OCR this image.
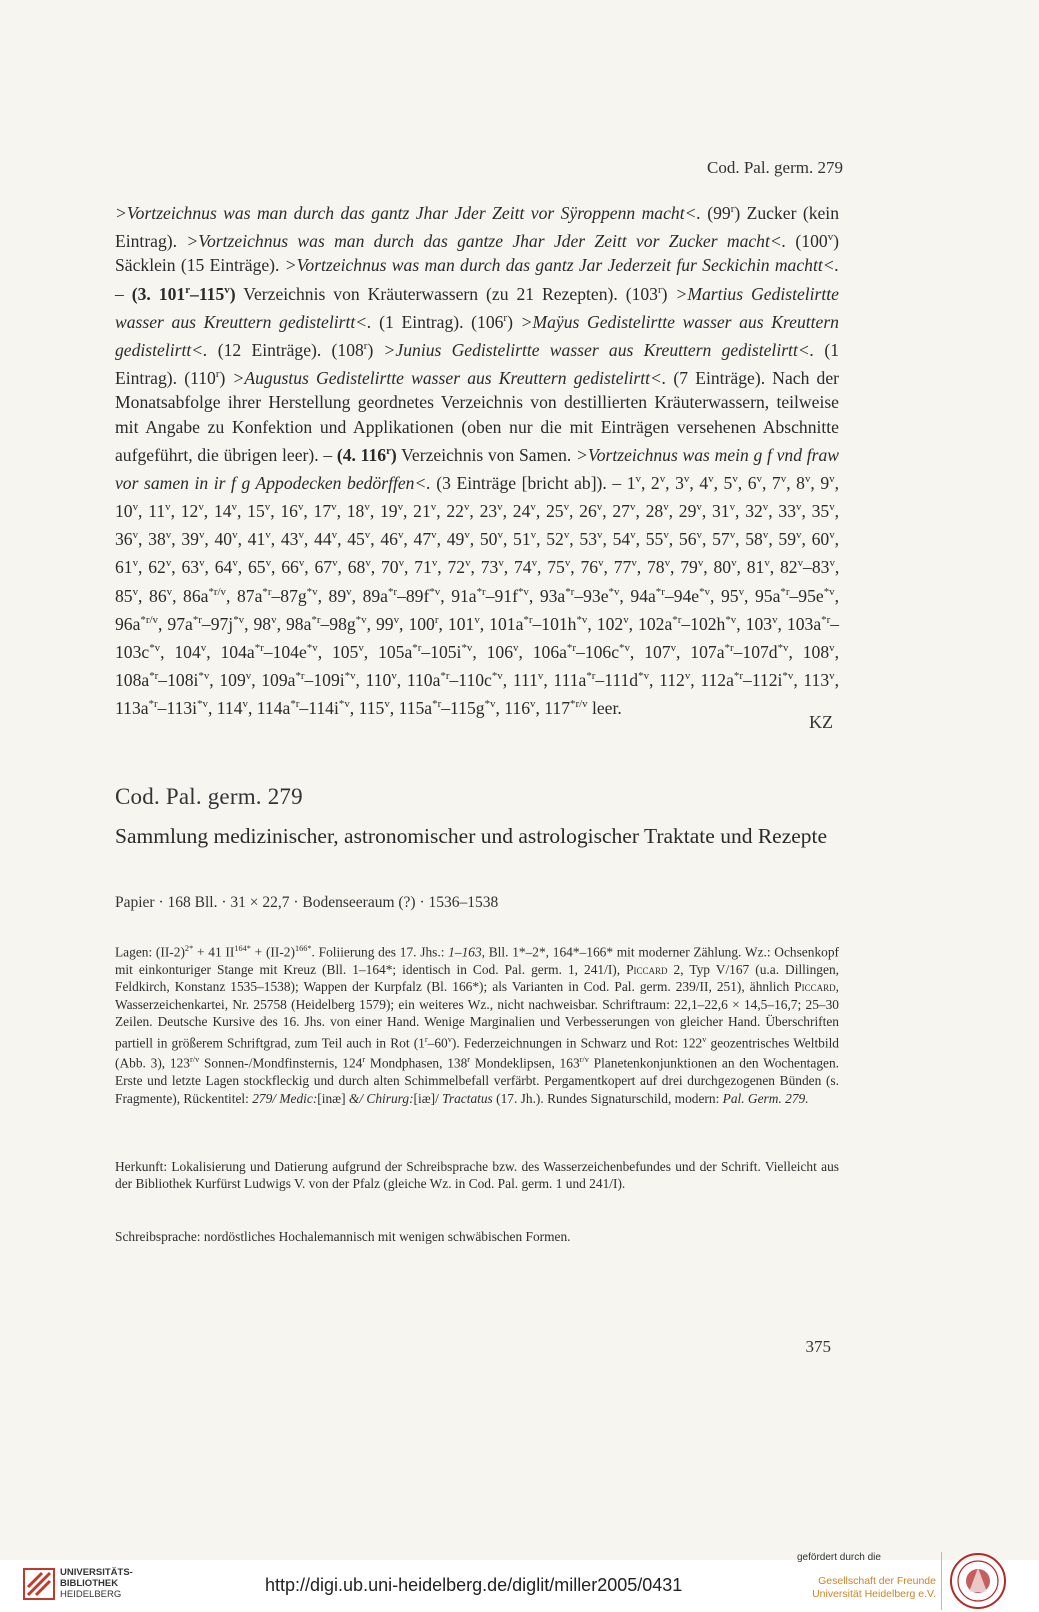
Cod. Pal. germ. 279
>Vortzeichnus was man durch das gantz Jhar Jder Zeitt vor Sÿroppenn macht<. (99$^r$) Zucker (kein Eintrag). >Vortzeichnus was man durch das gantze Jhar Jder Zeitt vor Zucker macht<. (100$^v$) Säcklein (15 Einträge). >Vortzeichnus was man durch das gantz Jar Jederzeit fur Seckichin machtt<. – (3. 101$^r$–115$^v$) Verzeichnis von Kräuterwassern (zu 21 Rezepten). $(103^r)$ >Martius Gedistelirtte wasser aus Kreuttern gedistelirtt<. (1 Eintrag). $(106^r)$ >Maÿus Gedistelirtte wasser aus Kreuttern gedistelirtt<. (12 Einträge). $(108^r)$ >Junius Gedistelirtte wasser aus Kreuttern gedistelirtt<. (1 Eintrag). $(110^r)$ >Augustus Gedistelirtte wasser aus Kreuttern gedistelirtt<. (7 Einträge). Nach der Monatsabfolge ihrer Herstellung geordnetes Verzeichnis von destillierten Kräuterwassern, teilweise mit Angabe zu Konfektion und Applikationen (oben nur die mit Einträgen versehenen Abschnitte aufgeführt, die übrigen leer). – (4. 116$^r$) Verzeichnis von Samen. >Vortzeichnus was mein g f vnd fraw vor samen in ir f g Appodecken bedörffen<. (3 Einträge [bricht ab]). – 1$^v$, 2$^v$, 3$^v$, 4$^v$, 5$^v$, 6$^v$, 7$^v$, 8$^v$, 9$^v$, 10$^v$, 11$^v$, 12$^v$, 14$^v$, 15$^v$, 16$^v$, 17$^v$, 18$^v$, 19$^v$, 21$^v$, 22$^v$, 23$^v$, 24$^v$, 25$^v$, 26$^v$, 27$^v$, 28$^v$, 29$^v$, 31$^v$, 32$^v$, 33$^v$, 35$^v$, 36$^v$, 38$^v$, 39$^v$, 40$^v$, 41$^v$, 43$^v$, 44$^v$, 45$^v$, 46$^v$, 47$^v$, 49$^v$, 50$^v$, 51$^v$, 52$^v$, 53$^v$, 54$^v$, 55$^v$, 56$^v$, 57$^v$, 58$^v$, 59$^v$, 60$^v$, 61$^v$, 62$^v$, 63$^v$, 64$^v$, 65$^v$, 66$^v$, 67$^v$, 68$^v$, 70$^v$, 71$^v$, 72$^v$, 73$^v$, 74$^v$, 75$^v$, 76$^v$, 77$^v$, 78$^v$, 79$^v$, 80$^v$, 81$^v$, 82$^v$–83$^v$, 85$^v$, 86$^v$, $86a^{*r/v}$, $87a^{*r}-87g^{*v}$, 89$^v$, $89a^{*r}-89f^{*v}$, $91a^{*r}-91f^{*v}$, $93a^{*r}-93e^{*v}$, $94a^{*r}-94e^{*v}$, 95$^v$, $95a^{*r}-95e^{*v}$, $96a^{*r/v}$, $97a^{*r}-97j^{*v}$, 98$^v$, $98a^{*r}-98g^{*v}$, 99$^v$, 100$^r$, 101$^v$, $101a^{*r}-101h^{*v}$, 102$^v$, $102a^{*r}-102h^{*v}$, 103$^v$, $103a^{*r}-103c^{*v}$, 104$^v$, $104a^{*r}-104e^{*v}$, 105$^v$, $105a^{*r}-105i^{*v}$, 106$^v$, $106a^{*r}-106c^{*v}$, 107$^v$, $107a^{*r}-107d^{*v}$, 108$^v$, $108a^{*r}-108i^{*v}$, 109$^v$, $109a^{*r}-109i^{*v}$, 110$^v$, $110a^{*r}-110c^{*v}$, 111$^v$, $111a^{*r}-111d^{*v}$, 112$^v$, $112a^{*r}-112i^{*v}$, 113$^v$, $113a^{*r}-113i^{*v}$, 114$^v$, $114a^{*r}-114i^{*v}$, 115$^v$, $115a^{*r}-115g^{*v}$, 116$^v$, $117^{*r/v}$ leer.
KZ
Cod. Pal. germ. 279
Sammlung medizinischer, astronomischer und astrologischer Traktate und Rezepte
Papier · 168 Bll. · 31 × 22,7 · Bodenseeraum (?) · 1536–1538
Lagen: $(II-2)^{2*} + 41$ $II^{164*} + (II-2)^{166*}$. Foliierung des 17. Jhs.: 1–163, Bll. 1*–2*, 164*–166* mit moderner Zählung. Wz.: Ochsenkopf mit einkonturiger Stange mit Kreuz (Bll. 1–164*; identisch in Cod. Pal. germ. 1, 241/I), Piccard 2, Typ V/167 (u.a. Dillingen, Feldkirch, Konstanz 1535–1538); Wappen der Kurpfalz (Bl. 166*); als Varianten in Cod. Pal. germ. 239/II, 251), ähnlich Piccard, Wasserzeichenkartei, Nr. 25758 (Heidelberg 1579); ein weiteres Wz., nicht nachweisbar. Schriftraum: 22,1–22,6 × 14,5–16,7; 25–30 Zeilen. Deutsche Kursive des 16. Jhs. von einer Hand. Wenige Marginalien und Verbesserungen von gleicher Hand. Überschriften partiell in größerem Schriftgrad, zum Teil auch in Rot (1$^r$–60$^v$). Federzeichnungen in Schwarz und Rot: 122$^v$ geozentrisches Weltbild (Abb. 3), $123^{r/v}$ Sonnen-/Mondfinsternis, 124$^r$ Mondphasen, 138$^r$ Mondeklipsen, $163^{r/v}$ Planetenkonjunktionen an den Wochentagen. Erste und letzte Lagen stockfleckig und durch alten Schimmelbefall verfärbt. Pergamentkopert auf drei durchgezogenen Bünden (s. Fragmente), Rückentitel: 279/ Medic:[inæ] &/ Chirurg:[iæ]/ Tractatus (17. Jh.). Rundes Signaturschild, modern: Pal. Germ. 279.
Herkunft: Lokalisierung und Datierung aufgrund der Schreibsprache bzw. des Wasserzeichenbefundes und der Schrift. Vielleicht aus der Bibliothek Kurfürst Ludwigs V. von der Pfalz (gleiche Wz. in Cod. Pal. germ. 1 und 241/I).
Schreibsprache: nordöstliches Hochalemannisch mit wenigen schwäbischen Formen.
375
UNIVERSITÄTS-
BIBLIOTHEK
HEIDELBERG	http://digi.ub.uni-heidelberg.de/diglit/miller2005/0431
gefördert durch die
Gesellschaft der Freunde
Universität Heidelberg e.V.
